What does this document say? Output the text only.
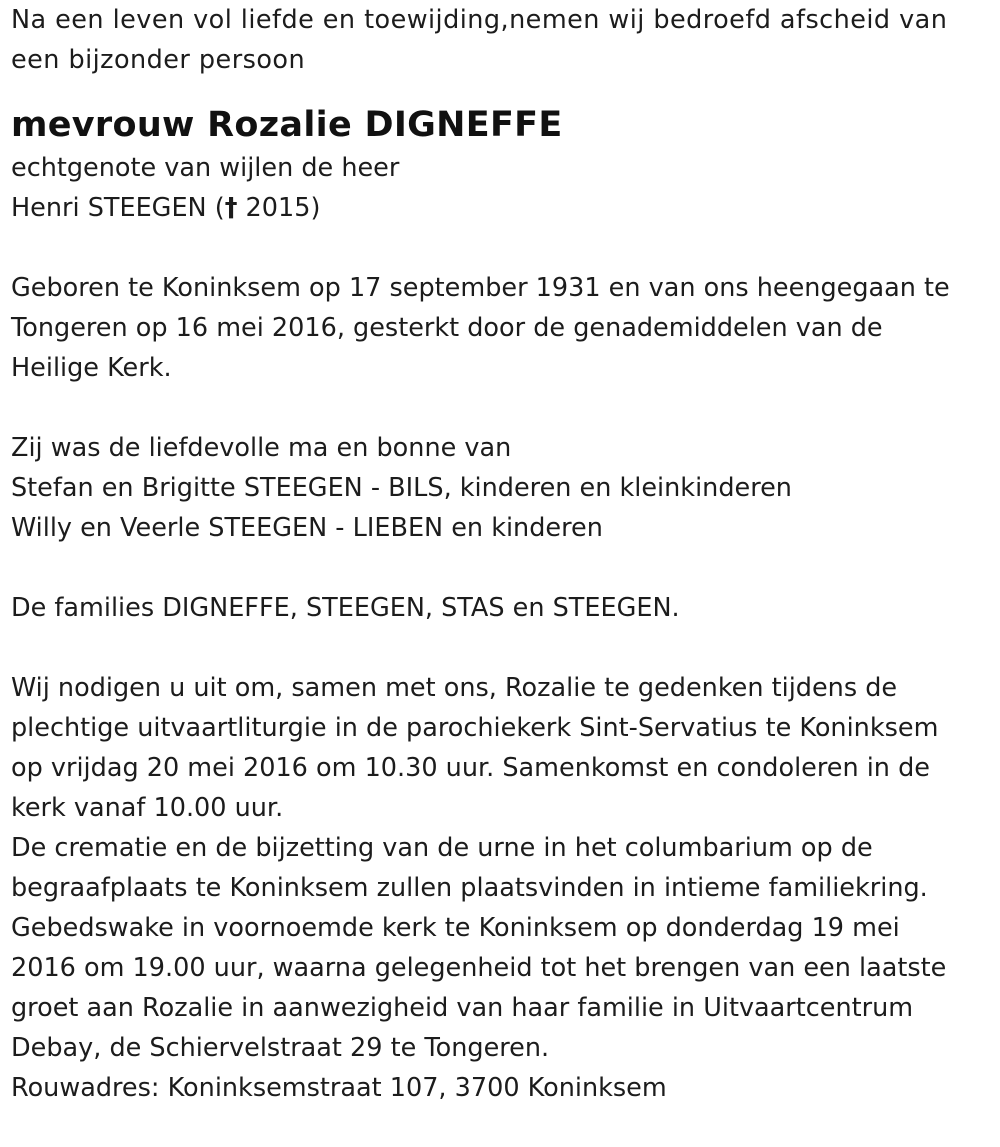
Na een leven vol liefde en toewijding,nemen wij bedroefd afscheid van
een bijzonder persoon
mevrouw Rozalie DIGNEFFE
echtgenote van wijlen de heer
Henri STEEGEN († 2015)
Geboren te Koninksem op 17 september 1931 en van ons heengegaan te
Tongeren op 16 mei 2016, gesterkt door de genademiddelen van de
Heilige Kerk.
Zij was de liefdevolle ma en bonne van
Stefan en Brigitte STEEGEN - BILS, kinderen en kleinkinderen
Willy en Veerle STEEGEN - LIEBEN en kinderen
De families DIGNEFFE, STEEGEN, STAS en STEEGEN.
Wij nodigen u uit om, samen met ons, Rozalie te gedenken tijdens de
plechtige uitvaartliturgie in de parochiekerk Sint-Servatius te Koninksem
op vrijdag 20 mei 2016 om 10.30 uur. Samenkomst en condoleren in de
kerk vanaf 10.00 uur.
De crematie en de bijzetting van de urne in het columbarium op de
begraafplaats te Koninksem zullen plaatsvinden in intieme familiekring.
Gebedswake in voornoemde kerk te Koninksem op donderdag 19 mei
2016 om 19.00 uur, waarna gelegenheid tot het brengen van een laatste
groet aan Rozalie in aanwezigheid van haar familie in Uitvaartcentrum
Debay, de Schiervelstraat 29 te Tongeren.
Rouwadres: Koninksemstraat 107, 3700 Koninksem
